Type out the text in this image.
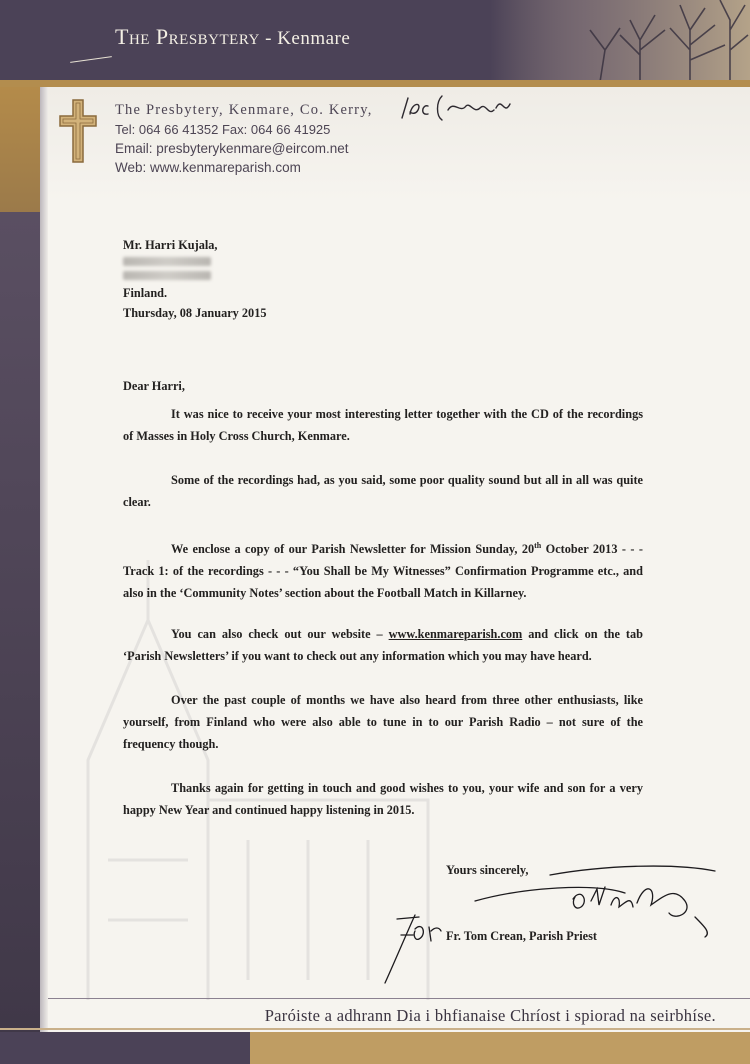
The Presbytery - Kenmare
The Presbytery, Kenmare, Co. Kerry,
Tel: 064 66 41352 Fax: 064 66 41925
Email: presbyterykenmare@eircom.net
Web: www.kenmareparish.com
Mr. Harri Kujala,
Finland.
Thursday, 08 January 2015
Dear Harri,
It was nice to receive your most interesting letter together with the CD of the recordings of Masses in Holy Cross Church, Kenmare.
Some of the recordings had, as you said, some poor quality sound but all in all was quite clear.
We enclose a copy of our Parish Newsletter for Mission Sunday, 20th October 2013 - - - Track 1: of the recordings - - - “You Shall be My Witnesses” Confirmation Programme etc., and also in the ‘Community Notes’ section about the Football Match in Killarney.
You can also check out our website – www.kenmareparish.com and click on the tab ‘Parish Newsletters’ if you want to check out any information which you may have heard.
Over the past couple of months we have also heard from three other enthusiasts, like yourself, from Finland who were also able to tune in to our Parish Radio – not sure of the frequency though.
Thanks again for getting in touch and good wishes to you, your wife and son for a very happy New Year and continued happy listening in 2015.
Yours sincerely,
Fr. Tom Crean, Parish Priest
Paróiste a adhrann Dia i bhfianaise Chríost i spiorad na seirbhíse.
